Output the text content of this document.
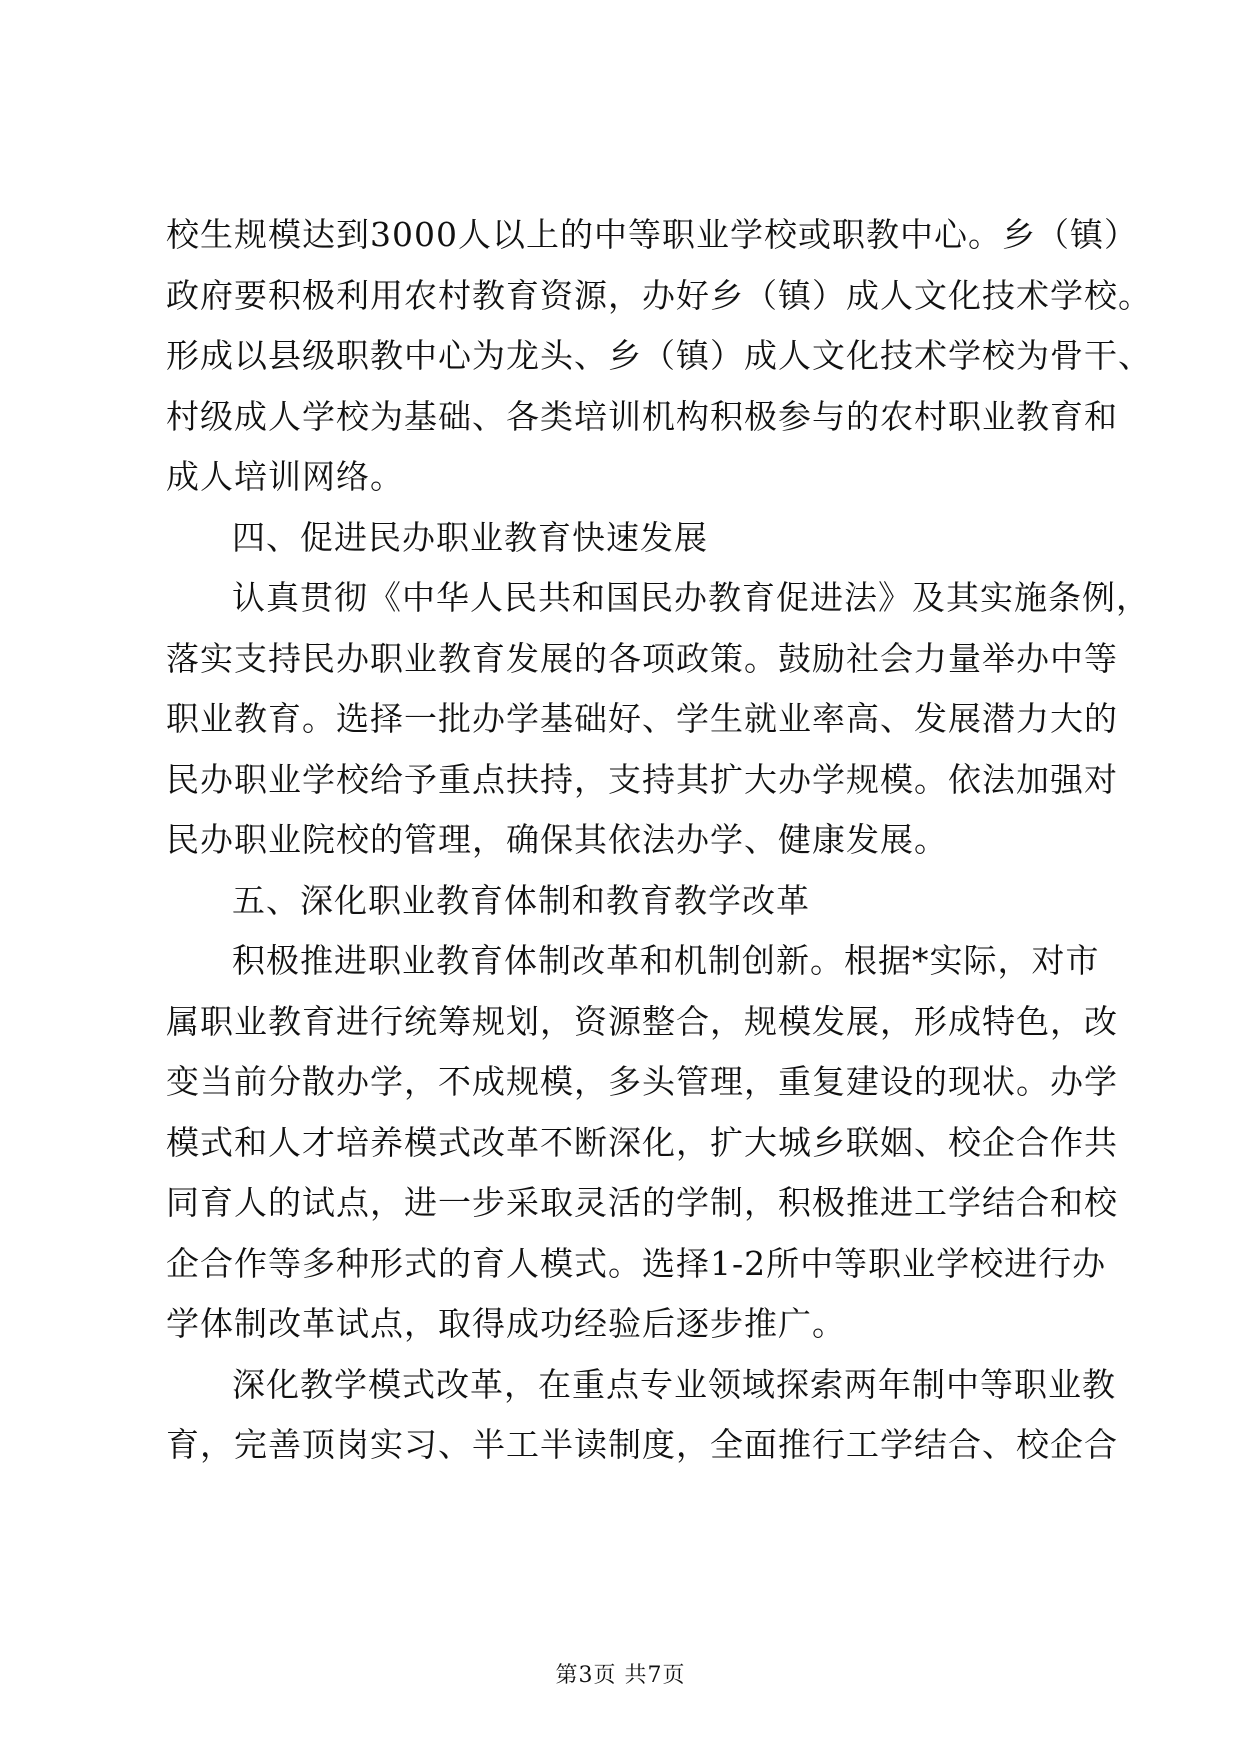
校生规模达到3000人以上的中等职业学校或职教中心。乡（镇）
政府要积极利用农村教育资源，办好乡（镇）成人文化技术学校。
形成以县级职教中心为龙头、乡（镇）成人文化技术学校为骨干、
村级成人学校为基础、各类培训机构积极参与的农村职业教育和
成人培训网络。
四、促进民办职业教育快速发展
认真贯彻《中华人民共和国民办教育促进法》及其实施条例，
落实支持民办职业教育发展的各项政策。鼓励社会力量举办中等
职业教育。选择一批办学基础好、学生就业率高、发展潜力大的
民办职业学校给予重点扶持，支持其扩大办学规模。依法加强对
民办职业院校的管理，确保其依法办学、健康发展。
五、深化职业教育体制和教育教学改革
积极推进职业教育体制改革和机制创新。根据*实际，对市
属职业教育进行统筹规划，资源整合，规模发展，形成特色，改
变当前分散办学，不成规模，多头管理，重复建设的现状。办学
模式和人才培养模式改革不断深化，扩大城乡联姻、校企合作共
同育人的试点，进一步采取灵活的学制，积极推进工学结合和校
企合作等多种形式的育人模式。选择1-2所中等职业学校进行办
学体制改革试点，取得成功经验后逐步推广。
深化教学模式改革，在重点专业领域探索两年制中等职业教
育，完善顶岗实习、半工半读制度，全面推行工学结合、校企合
第3页 共7页
